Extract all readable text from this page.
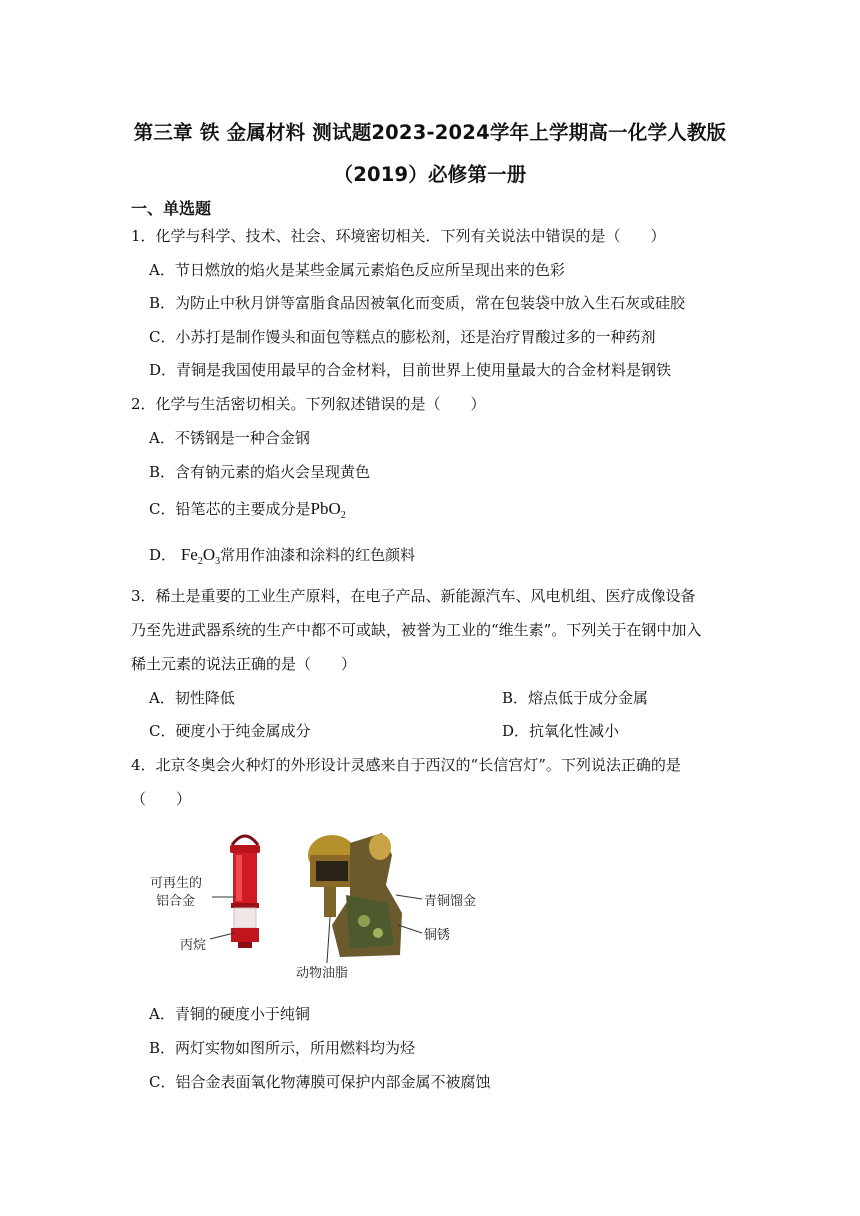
第三章 铁 金属材料 测试题2023-2024学年上学期高一化学人教版
（2019）必修第一册
一、单选题
1．化学与科学、技术、社会、环境密切相关．下列有关说法中错误的是（　　）
A．节日燃放的焰火是某些金属元素焰色反应所呈现出来的色彩
B．为防止中秋月饼等富脂食品因被氧化而变质，常在包装袋中放入生石灰或硅胶
C．小苏打是制作馒头和面包等糕点的膨松剂，还是治疗胃酸过多的一种药剂
D．青铜是我国使用最早的合金材料，目前世界上使用量最大的合金材料是钢铁
2．化学与生活密切相关。下列叙述错误的是（　　）
A．不锈钢是一种合金钢
B．含有钠元素的焰火会呈现黄色
C．铅笔芯的主要成分是PbO$_2$
D． $Fe_2O_3$常用作油漆和涂料的红色颜料
3．稀土是重要的工业生产原料，在电子产品、新能源汽车、风电机组、医疗成像设备
乃至先进武器系统的生产中都不可或缺，被誉为工业的“维生素”。下列关于在钢中加入
稀土元素的说法正确的是（　　）
A．韧性降低	B．熔点低于成分金属
C．硬度小于纯金属成分	D．抗氧化性减小
4．北京冬奥会火种灯的外形设计灵感来自于西汉的“长信宫灯”。下列说法正确的是
（　　）
可再生的
铝合金
丙烷
青铜馏金
铜锈
动物油脂
A．青铜的硬度小于纯铜
B．两灯实物如图所示，所用燃料均为烃
C．铝合金表面氧化物薄膜可保护内部金属不被腐蚀
